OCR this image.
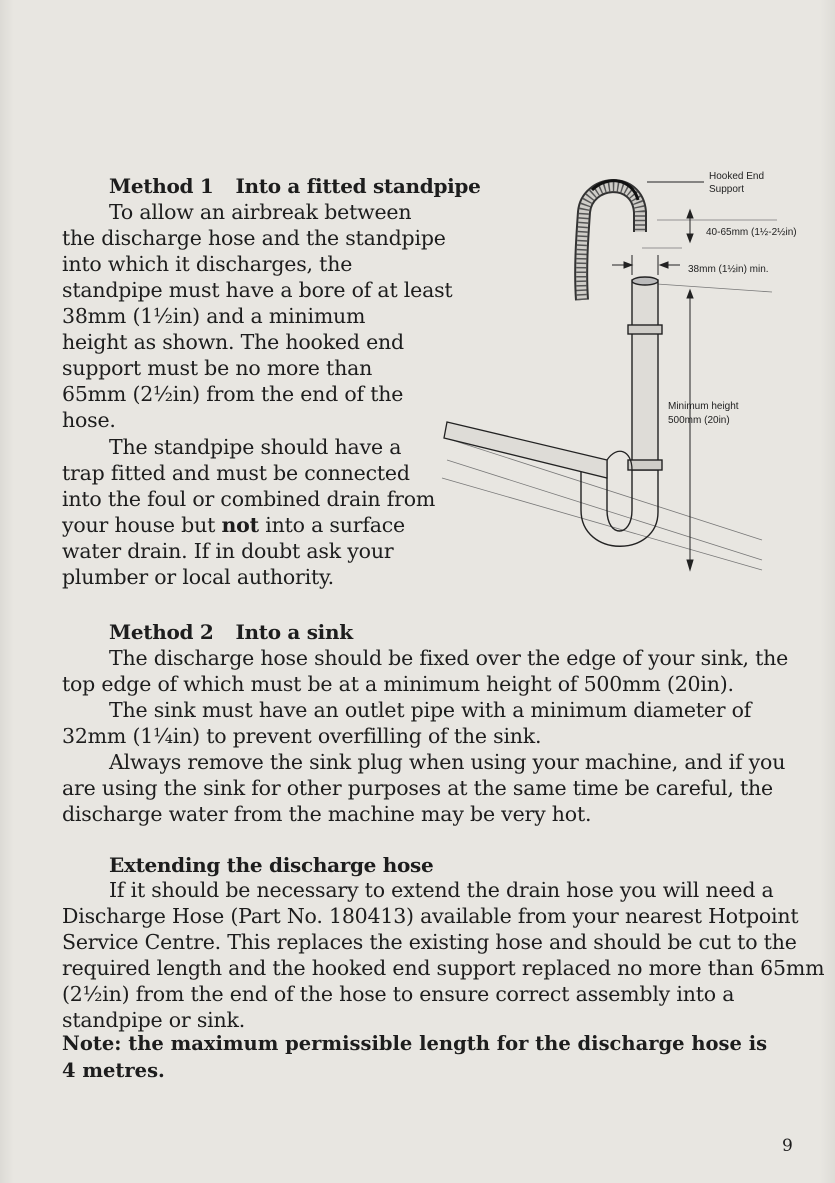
Method 1 Into a fitted standpipe
To allow an airbreak between
the discharge hose and the standpipe
into which it discharges, the
standpipe must have a bore of at least
38mm (1½in) and a minimum
height as shown. The hooked end
support must be no more than
65mm (2½in) from the end of the
hose.
The standpipe should have a
trap fitted and must be connected
into the foul or combined drain from
your house but not into a surface
water drain. If in doubt ask your
plumber or local authority.
Hooked End
Support
40-65mm (1½-2½in)
38mm (1½in) min.
Minimum height
500mm (20in)
Method 2 Into a sink
The discharge hose should be fixed over the edge of your sink, the
top edge of which must be at a minimum height of 500mm (20in).
The sink must have an outlet pipe with a minimum diameter of
32mm (1¼in) to prevent overfilling of the sink.
Always remove the sink plug when using your machine, and if you
are using the sink for other purposes at the same time be careful, the
discharge water from the machine may be very hot.
Extending the discharge hose
If it should be necessary to extend the drain hose you will need a
Discharge Hose (Part No. 180413) available from your nearest Hotpoint
Service Centre. This replaces the existing hose and should be cut to the
required length and the hooked end support replaced no more than 65mm
(2½in) from the end of the hose to ensure correct assembly into a
standpipe or sink.
Note: the maximum permissible length for the discharge hose is 4 metres.
9
